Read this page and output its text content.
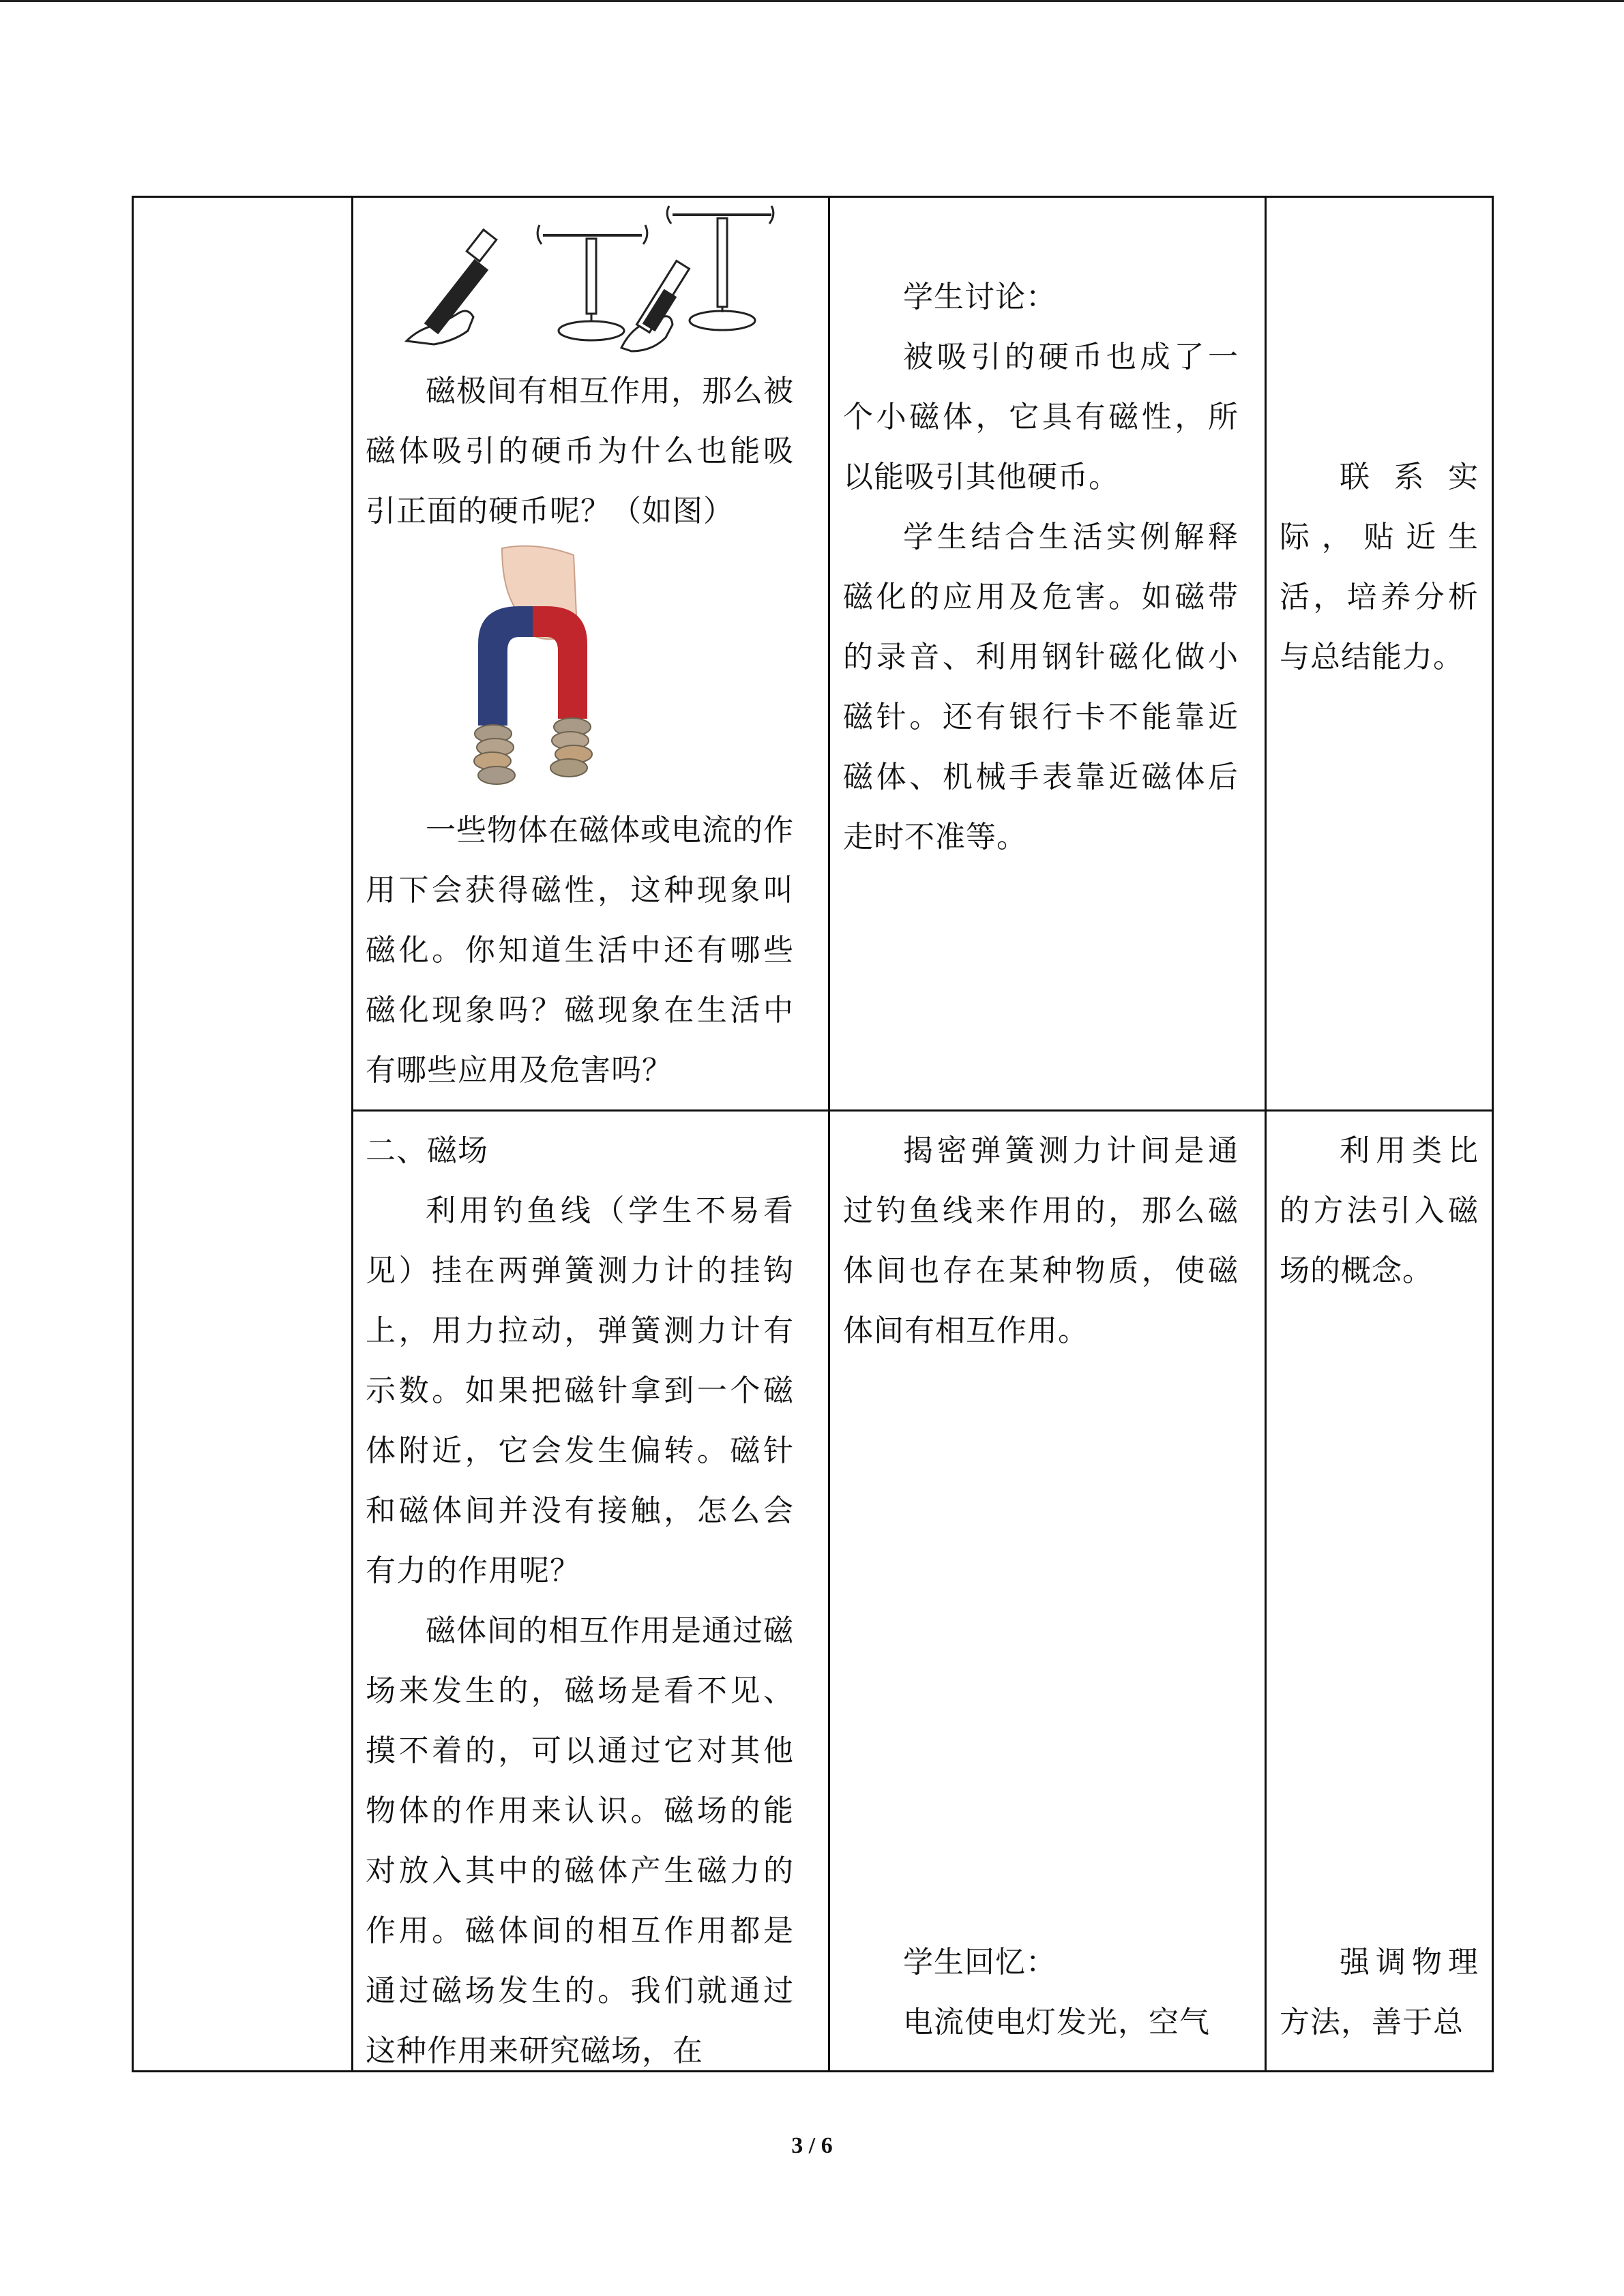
磁极间有相互作用，那么被磁体吸引的硬币为什么也能吸引正面的硬币呢？（如图）

一些物体在磁体或电流的作用下会获得磁性，这种现象叫磁化。你知道生活中还有哪些磁化现象吗？磁现象在生活中有哪些应用及危害吗？

学生讨论：

被吸引的硬币也成了一个小磁体，它具有磁性，所以能吸引其他硬币。

学生结合生活实例解释磁化的应用及危害。如磁带的录音、利用钢针磁化做小磁针。还有银行卡不能靠近磁体、机械手表靠近磁体后走时不准等。

联系实际，贴近生活，培养分析与总结能力。

二、磁场

利用钓鱼线（学生不易看见）挂在两弹簧测力计的挂钩上，用力拉动，弹簧测力计有示数。如果把磁针拿到一个磁体附近，它会发生偏转。磁针和磁体间并没有接触，怎么会有力的作用呢？

磁体间的相互作用是通过磁场来发生的，磁场是看不见、摸不着的，可以通过它对其他物体的作用来认识。磁场的能对放入其中的磁体产生磁力的作用。磁体间的相互作用都是通过磁场发生的。我们就通过这种作用来研究磁场，在

揭密弹簧测力计间是通过钓鱼线来作用的，那么磁体间也存在某种物质，使磁体间有相互作用。

学生回忆：

电流使电灯发光，空气

利用类比的方法引入磁场的概念。

强调物理方法，善于总

3 / 6
